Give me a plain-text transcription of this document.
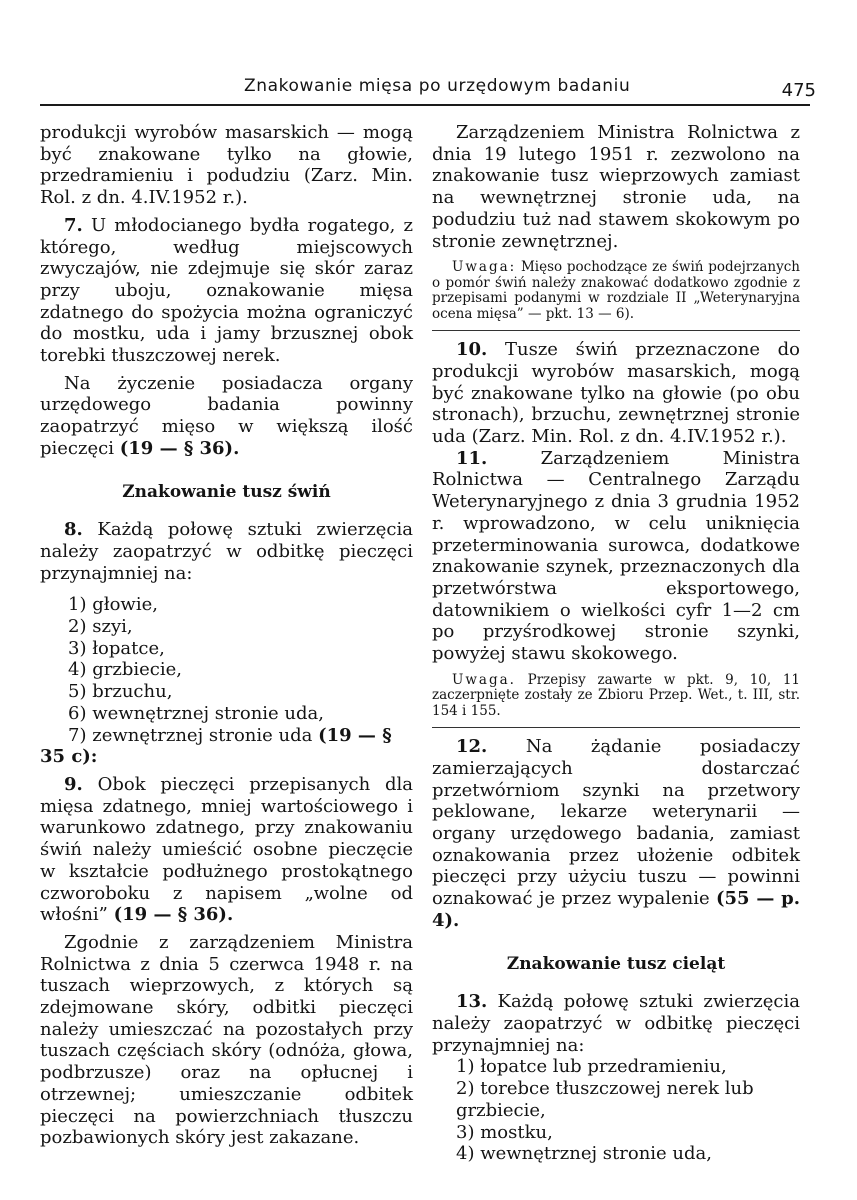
Znakowanie mięsa po urzędowym badaniu	475

produkcji wyrobów masarskich — mogą być znakowane tylko na głowie, przedramieniu i podudziu (Zarz. Min. Rol. z dn. 4.IV.1952 r.).

7. U młodocianego bydła rogatego, z którego, według miejscowych zwyczajów, nie zdejmuje się skór zaraz przy uboju, oznakowanie mięsa zdatnego do spożycia można ograniczyć do mostku, uda i jamy brzusznej obok torebki tłuszczowej nerek.

Na życzenie posiadacza organy urzędowego badania powinny zaopatrzyć mięso w większą ilość pieczęci (19 — § 36).

Znakowanie tusz świń

8. Każdą połowę sztuki zwierzęcia należy zaopatrzyć w odbitkę pieczęci przynajmniej na:

1) głowie,
2) szyi,
3) łopatce,
4) grzbiecie,
5) brzuchu,
6) wewnętrznej stronie uda,
7) zewnętrznej stronie uda (19 — § 35 c):

9. Obok pieczęci przepisanych dla mięsa zdatnego, mniej wartościowego i warunkowo zdatnego, przy znakowaniu świń należy umieścić osobne pieczęcie w kształcie podłużnego prostokątnego czworoboku z napisem „wolne od włośni” (19 — § 36).

Zgodnie z zarządzeniem Ministra Rolnictwa z dnia 5 czerwca 1948 r. na tuszach wieprzowych, z których są zdejmowane skóry, odbitki pieczęci należy umieszczać na pozostałych przy tuszach częściach skóry (odnóża, głowa, podbrzusze) oraz na opłucnej i otrzewnej; umieszczanie odbitek pieczęci na powierzchniach tłuszczu pozbawionych skóry jest zakazane.

Zarządzeniem Ministra Rolnictwa z dnia 19 lutego 1951 r. zezwolono na znakowanie tusz wieprzowych zamiast na wewnętrznej stronie uda, na podudziu tuż nad stawem skokowym po stronie zewnętrznej.

Uwaga: Mięso pochodzące ze świń podejrzanych o pomór świń należy znakować dodatkowo zgodnie z przepisami podanymi w rozdziale II „Weterynaryjna ocena mięsa” — pkt. 13 — 6).

10. Tusze świń przeznaczone do produkcji wyrobów masarskich, mogą być znakowane tylko na głowie (po obu stronach), brzuchu, zewnętrznej stronie uda (Zarz. Min. Rol. z dn. 4.IV.1952 r.).

11.	Zarządzeniem Ministra Rolnictwa — Centralnego Zarządu Weterynaryjnego z dnia 3 grudnia 1952 r. wprowadzono, w celu uniknięcia przeterminowania surowca, dodatkowe znakowanie szynek, przeznaczonych dla przetwórstwa eksportowego, datownikiem o wielkości cyfr 1—2 cm po przyśrodkowej stronie szynki, powyżej stawu skokowego.

Uwaga. Przepisy zawarte w pkt. 9, 10, 11 zaczerpnięte zostały ze Zbioru Przep. Wet., t. III, str. 154 i 155.

12. Na żądanie posiadaczy zamierzających dostarczać przetwórniom szynki na przetwory peklowane, lekarze weterynarii — organy urzędowego badania, zamiast oznakowania przez ułożenie odbitek pieczęci przy użyciu tuszu — powinni oznakować je przez wypalenie (55 — p. 4).

Znakowanie tusz cieląt

13. Każdą połowę sztuki zwierzęcia należy zaopatrzyć w odbitkę pieczęci przynajmniej na:

1) łopatce lub przedramieniu,
2) torebce tłuszczowej nerek lub grzbiecie,
3) mostku,
4) wewnętrznej stronie uda,
